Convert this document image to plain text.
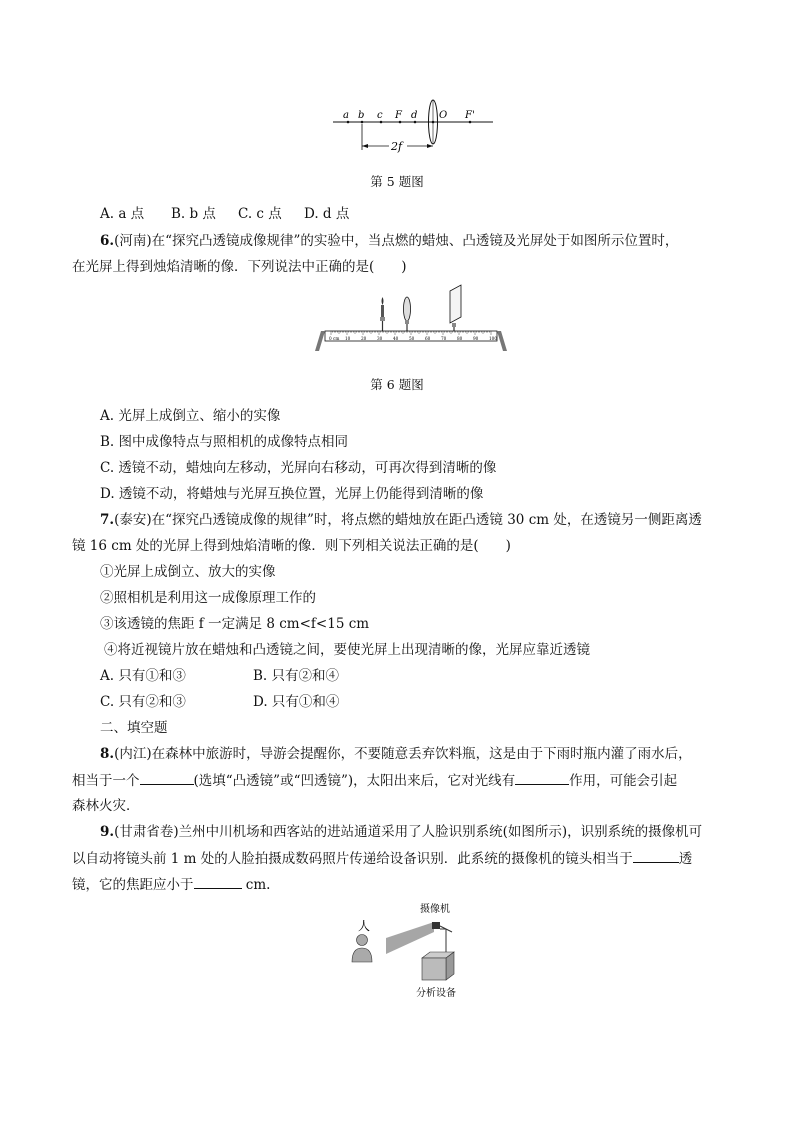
a b c F d O F'
2f
第 5 题图
A. a 点 B. b 点 C. c 点 D. d 点
6.(河南)在“探究凸透镜成像规律”的实验中，当点燃的蜡烛、凸透镜及光屏处于如图所示位置时，
在光屏上得到烛焰清晰的像．下列说法中正确的是(　　)
0 cm 10	20	30	40	50	60	70	80	90	100
第 6 题图
A. 光屏上成倒立、缩小的实像
B. 图中成像特点与照相机的成像特点相同
C. 透镜不动，蜡烛向左移动，光屏向右移动，可再次得到清晰的像
D. 透镜不动，将蜡烛与光屏互换位置，光屏上仍能得到清晰的像
7.(泰安)在“探究凸透镜成像的规律”时，将点燃的蜡烛放在距凸透镜 30 cm 处，在透镜另一侧距离透
镜 16 cm 处的光屏上得到烛焰清晰的像．则下列相关说法正确的是(　　)
①光屏上成倒立、放大的实像
②照相机是利用这一成像原理工作的
③该透镜的焦距 f 一定满足 8 cm<f<15 cm
④将近视镜片放在蜡烛和凸透镜之间，要使光屏上出现清晰的像，光屏应靠近透镜
A. 只有①和③	B. 只有②和④
C. 只有②和③	D. 只有①和④
二、填空题
8.(内江)在森林中旅游时，导游会提醒你，不要随意丢弃饮料瓶，这是由于下雨时瓶内灌了雨水后，
相当于一个	(选填“凸透镜”或“凹透镜”)，太阳出来后，它对光线有	作用，可能会引起
森林火灾．
9.(甘肃省卷)兰州中川机场和西客站的进站通道采用了人脸识别系统(如图所示)，识别系统的摄像机可
以自动将镜头前 1 m 处的人脸拍摄成数码照片传递给设备识别．此系统的摄像机的镜头相当于	透
镜，它的焦距应小于	cm.
人
摄像机
分析设备
